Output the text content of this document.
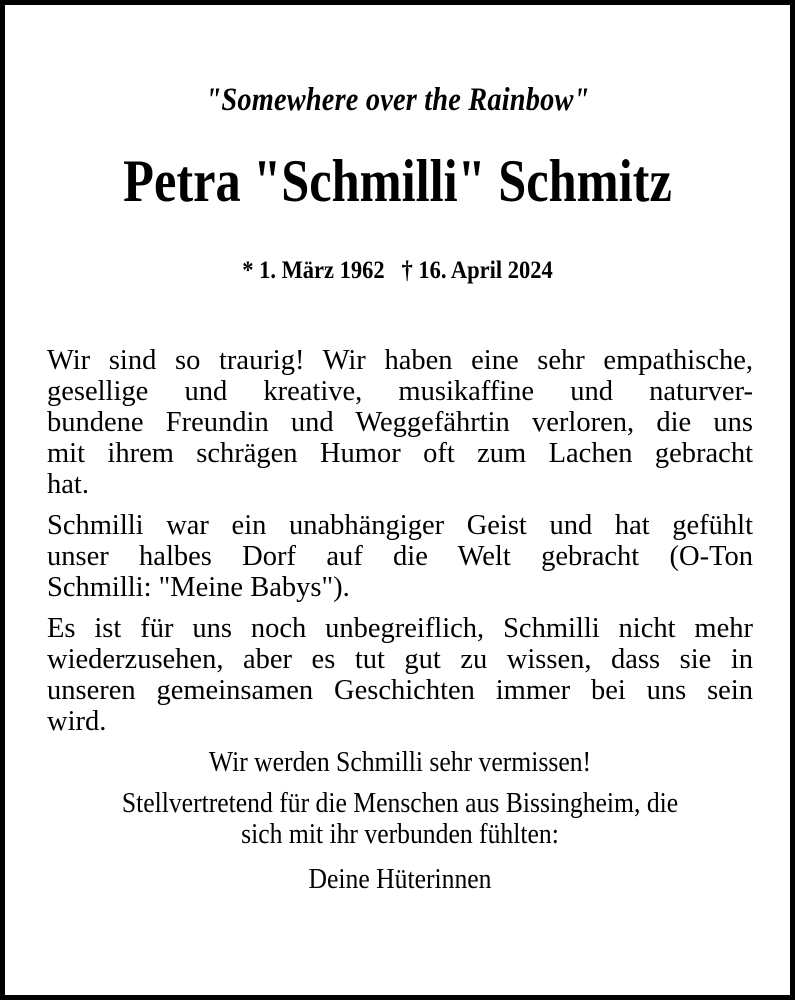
"Somewhere over the Rainbow"
Petra "Schmilli" Schmitz
* 1. März 1962 † 16. April 2024
Wir sind so traurig! Wir haben eine sehr empathische,
gesellige und kreative, musikaffine und naturver-
bundene Freundin und Weggefährtin verloren, die uns
mit ihrem schrägen Humor oft zum Lachen gebracht
hat.
Schmilli war ein unabhängiger Geist und hat gefühlt
unser halbes Dorf auf die Welt gebracht (O-Ton
Schmilli: "Meine Babys").
Es ist für uns noch unbegreiflich, Schmilli nicht mehr
wiederzusehen, aber es tut gut zu wissen, dass sie in
unseren gemeinsamen Geschichten immer bei uns sein
wird.
Wir werden Schmilli sehr vermissen!
Stellvertretend für die Menschen aus Bissingheim, die
sich mit ihr verbunden fühlten:
Deine Hüterinnen
